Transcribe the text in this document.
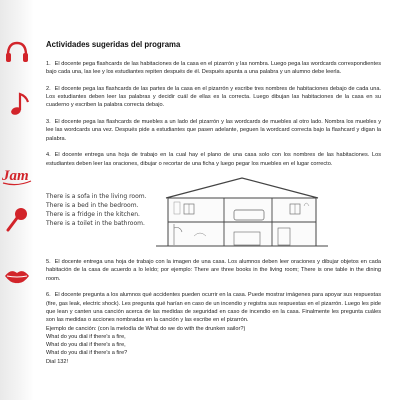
Jam
Actividades sugeridas del programa

1. El docente pega flashcards de las habitaciones de la casa en el pizarrón y las nombra. Luego pega las wordcards correspondientes bajo cada una, las lee y los estudiantes repiten después de él. Después apunta a una palabra y un alumno debe leerla.

2. El docente pega las flashcards de las partes de la casa en el pizarrón y escribe tres nombres de habitaciones debajo de cada una. Los estudiantes deben leer las palabras y decidir cuál de ellas es la correcta. Luego dibujan las habitaciones de la casa en su cuaderno y escriben la palabra correcta debajo.

3. El docente pega las flashcards de muebles a un lado del pizarrón y las wordcards de muebles al otro lado. Nombra los muebles y lee las wordcards una vez. Después pide a estudiantes que pasen adelante, peguen la wordcard correcta bajo la flashcard y digan la palabra.

4. El docente entrega una hoja de trabajo en la cual hay el plano de una casa solo con los nombres de las habitaciones. Los estudiantes deben leer las oraciones, dibujar o recortar de una ficha y luego pegar los muebles en el lugar correcto.

There is a sofa in the living room.
There is a bed in the bedroom.
There is a fridge in the kitchen.
There is a toilet in the bathroom.

5. El docente entrega una hoja de trabajo con la imagen de una casa. Los alumnos deben leer oraciones y dibujar objetos en cada habitación de la casa de acuerdo a lo leído; por ejemplo: There are three books in the living room; There is one table in the dining room.

6. El docente pregunta a los alumnos qué accidentes pueden ocurrir en la casa. Puede mostrar imágenes para apoyar sus respuestas (fire, gas leak, electric shock). Les pregunta qué harían en caso de un incendio y registra sus respuestas en el pizarrón. Luego les pide que lean y canten una canción acerca de las medidas de seguridad en caso de incendio en la casa. Finalmente les pregunta cuáles son las medidas o acciones nombradas en la canción y las escribe en el pizarrón.

Ejemplo de canción: (con la melodía de What do we do with the drunken sailor?)

What do you dial if there's a fire,

What do you dial if there's a fire,

What do you dial if there's a fire?

Dial 132!
